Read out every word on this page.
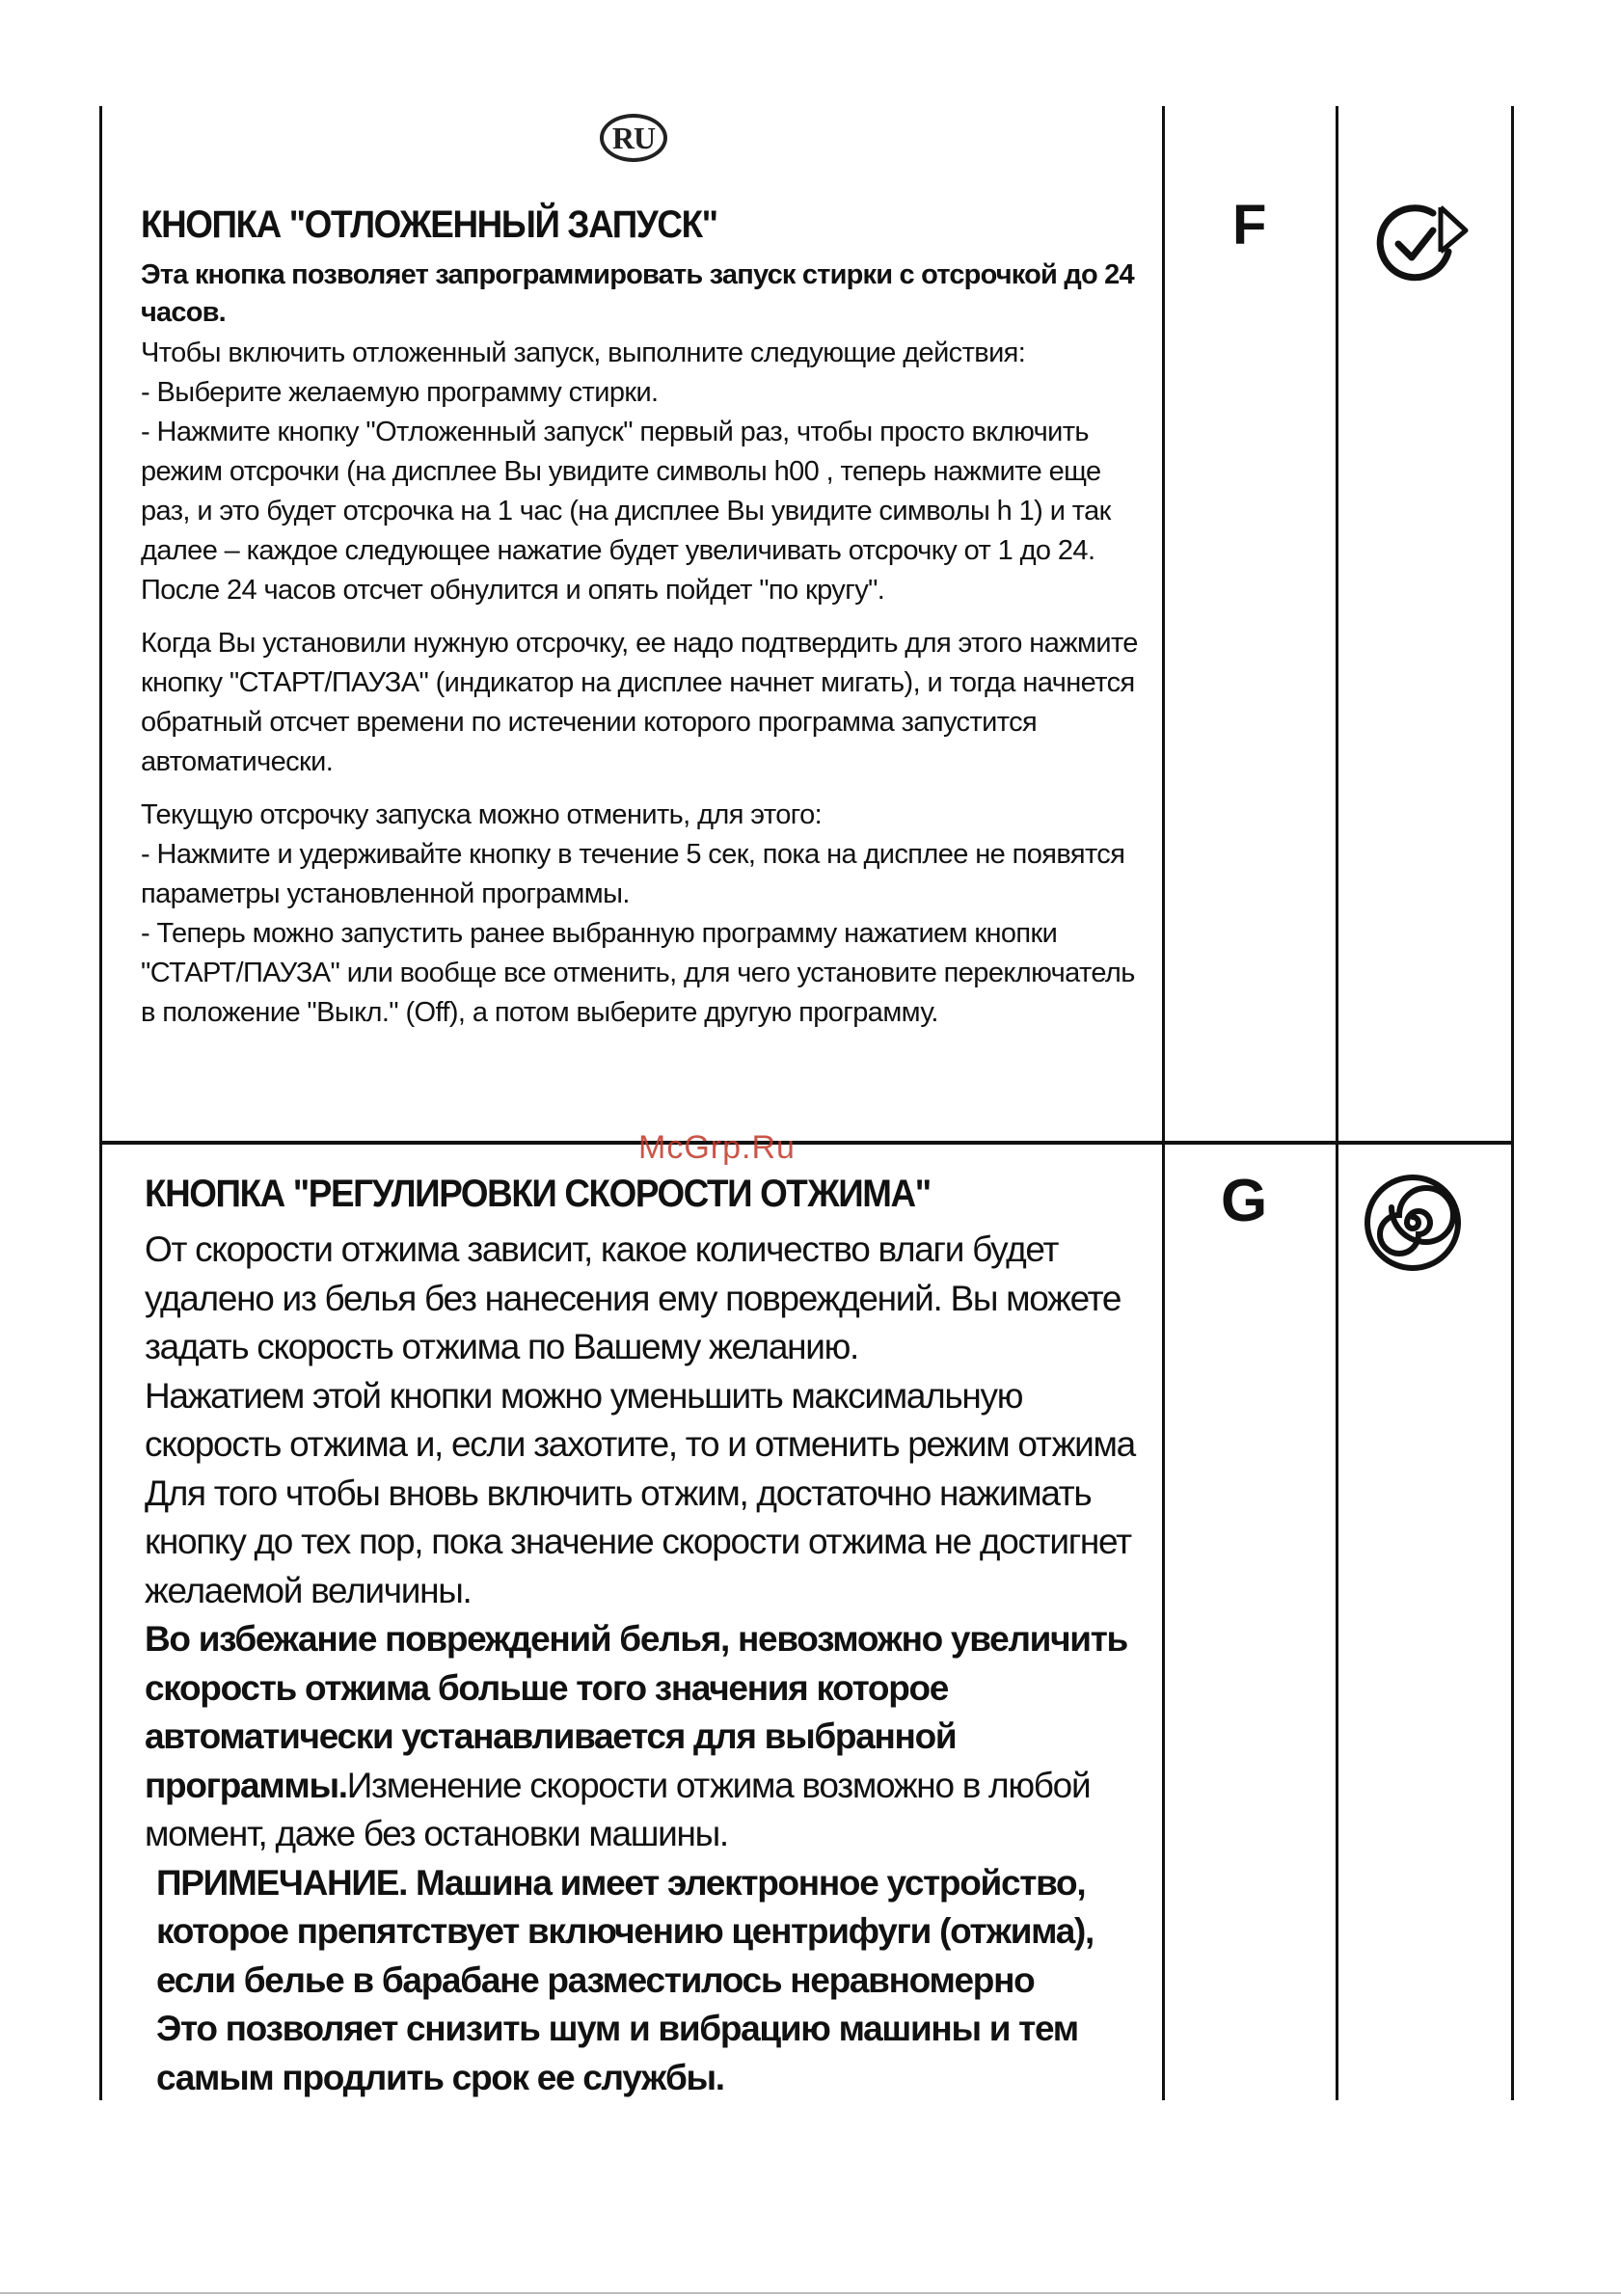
RU
КНОПКА "ОТЛОЖЕННЫЙ ЗАПУСК"

Эта кнопка позволяет запрограммировать запуск стирки с отсрочкой до 24 часов.

Чтобы включить отложенный запуск, выполните следующие действия:

- Выберите желаемую программу стирки.

- Нажмите кнопку "Отложенный запуск" первый раз, чтобы просто включить режим отсрочки (на дисплее Вы увидите символы h00 , теперь нажмите еще раз, и это будет отсрочка на 1 час (на дисплее Вы увидите символы h 1) и так далее – каждое следующее нажатие будет увеличивать отсрочку от 1 до 24. После 24 часов отсчет обнулится и опять пойдет "по кругу".

Когда Вы установили нужную отсрочку, ее надо подтвердить для этого нажмите кнопку "СТАРТ/ПАУЗА" (индикатор на дисплее начнет мигать), и тогда начнется обратный отсчет времени по истечении которого программа запустится автоматически.

Текущую отсрочку запуска можно отменить, для этого:

- Нажмите и удерживайте кнопку в течение 5 сек, пока на дисплее не появятся параметры установленной программы.

- Теперь можно запустить ранее выбранную программу нажатием кнопки "СТАРТ/ПАУЗА" или вообще все отменить, для чего установите переключатель в положение "Выкл." (Off), а потом выберите другую программу.

F
McGrp.Ru
КНОПКА "РЕГУЛИРОВКИ СКОРОСТИ ОТЖИМА"

От скорости отжима зависит, какое количество влаги будет удалено из белья без нанесения ему повреждений. Вы можете задать скорость отжима по Вашему желанию.

Нажатием этой кнопки можно уменьшить максимальную скорость отжима и, если захотите, то и отменить режим отжима

Для того чтобы вновь включить отжим, достаточно нажимать кнопку до тех пор, пока значение скорости отжима не достигнет желаемой величины.

Во избежание повреждений белья, невозможно увеличить скорость отжима больше того значения которое автоматически устанавливается для выбранной программы.Изменение скорости отжима возможно в любой момент, даже без остановки машины.

ПРИМЕЧАНИЕ. Машина имеет электронное устройство, которое препятствует включению центрифуги (отжима), если белье в барабане разместилось неравномерно

Это позволяет снизить шум и вибрацию машины и тем самым продлить срок ее службы.

G
